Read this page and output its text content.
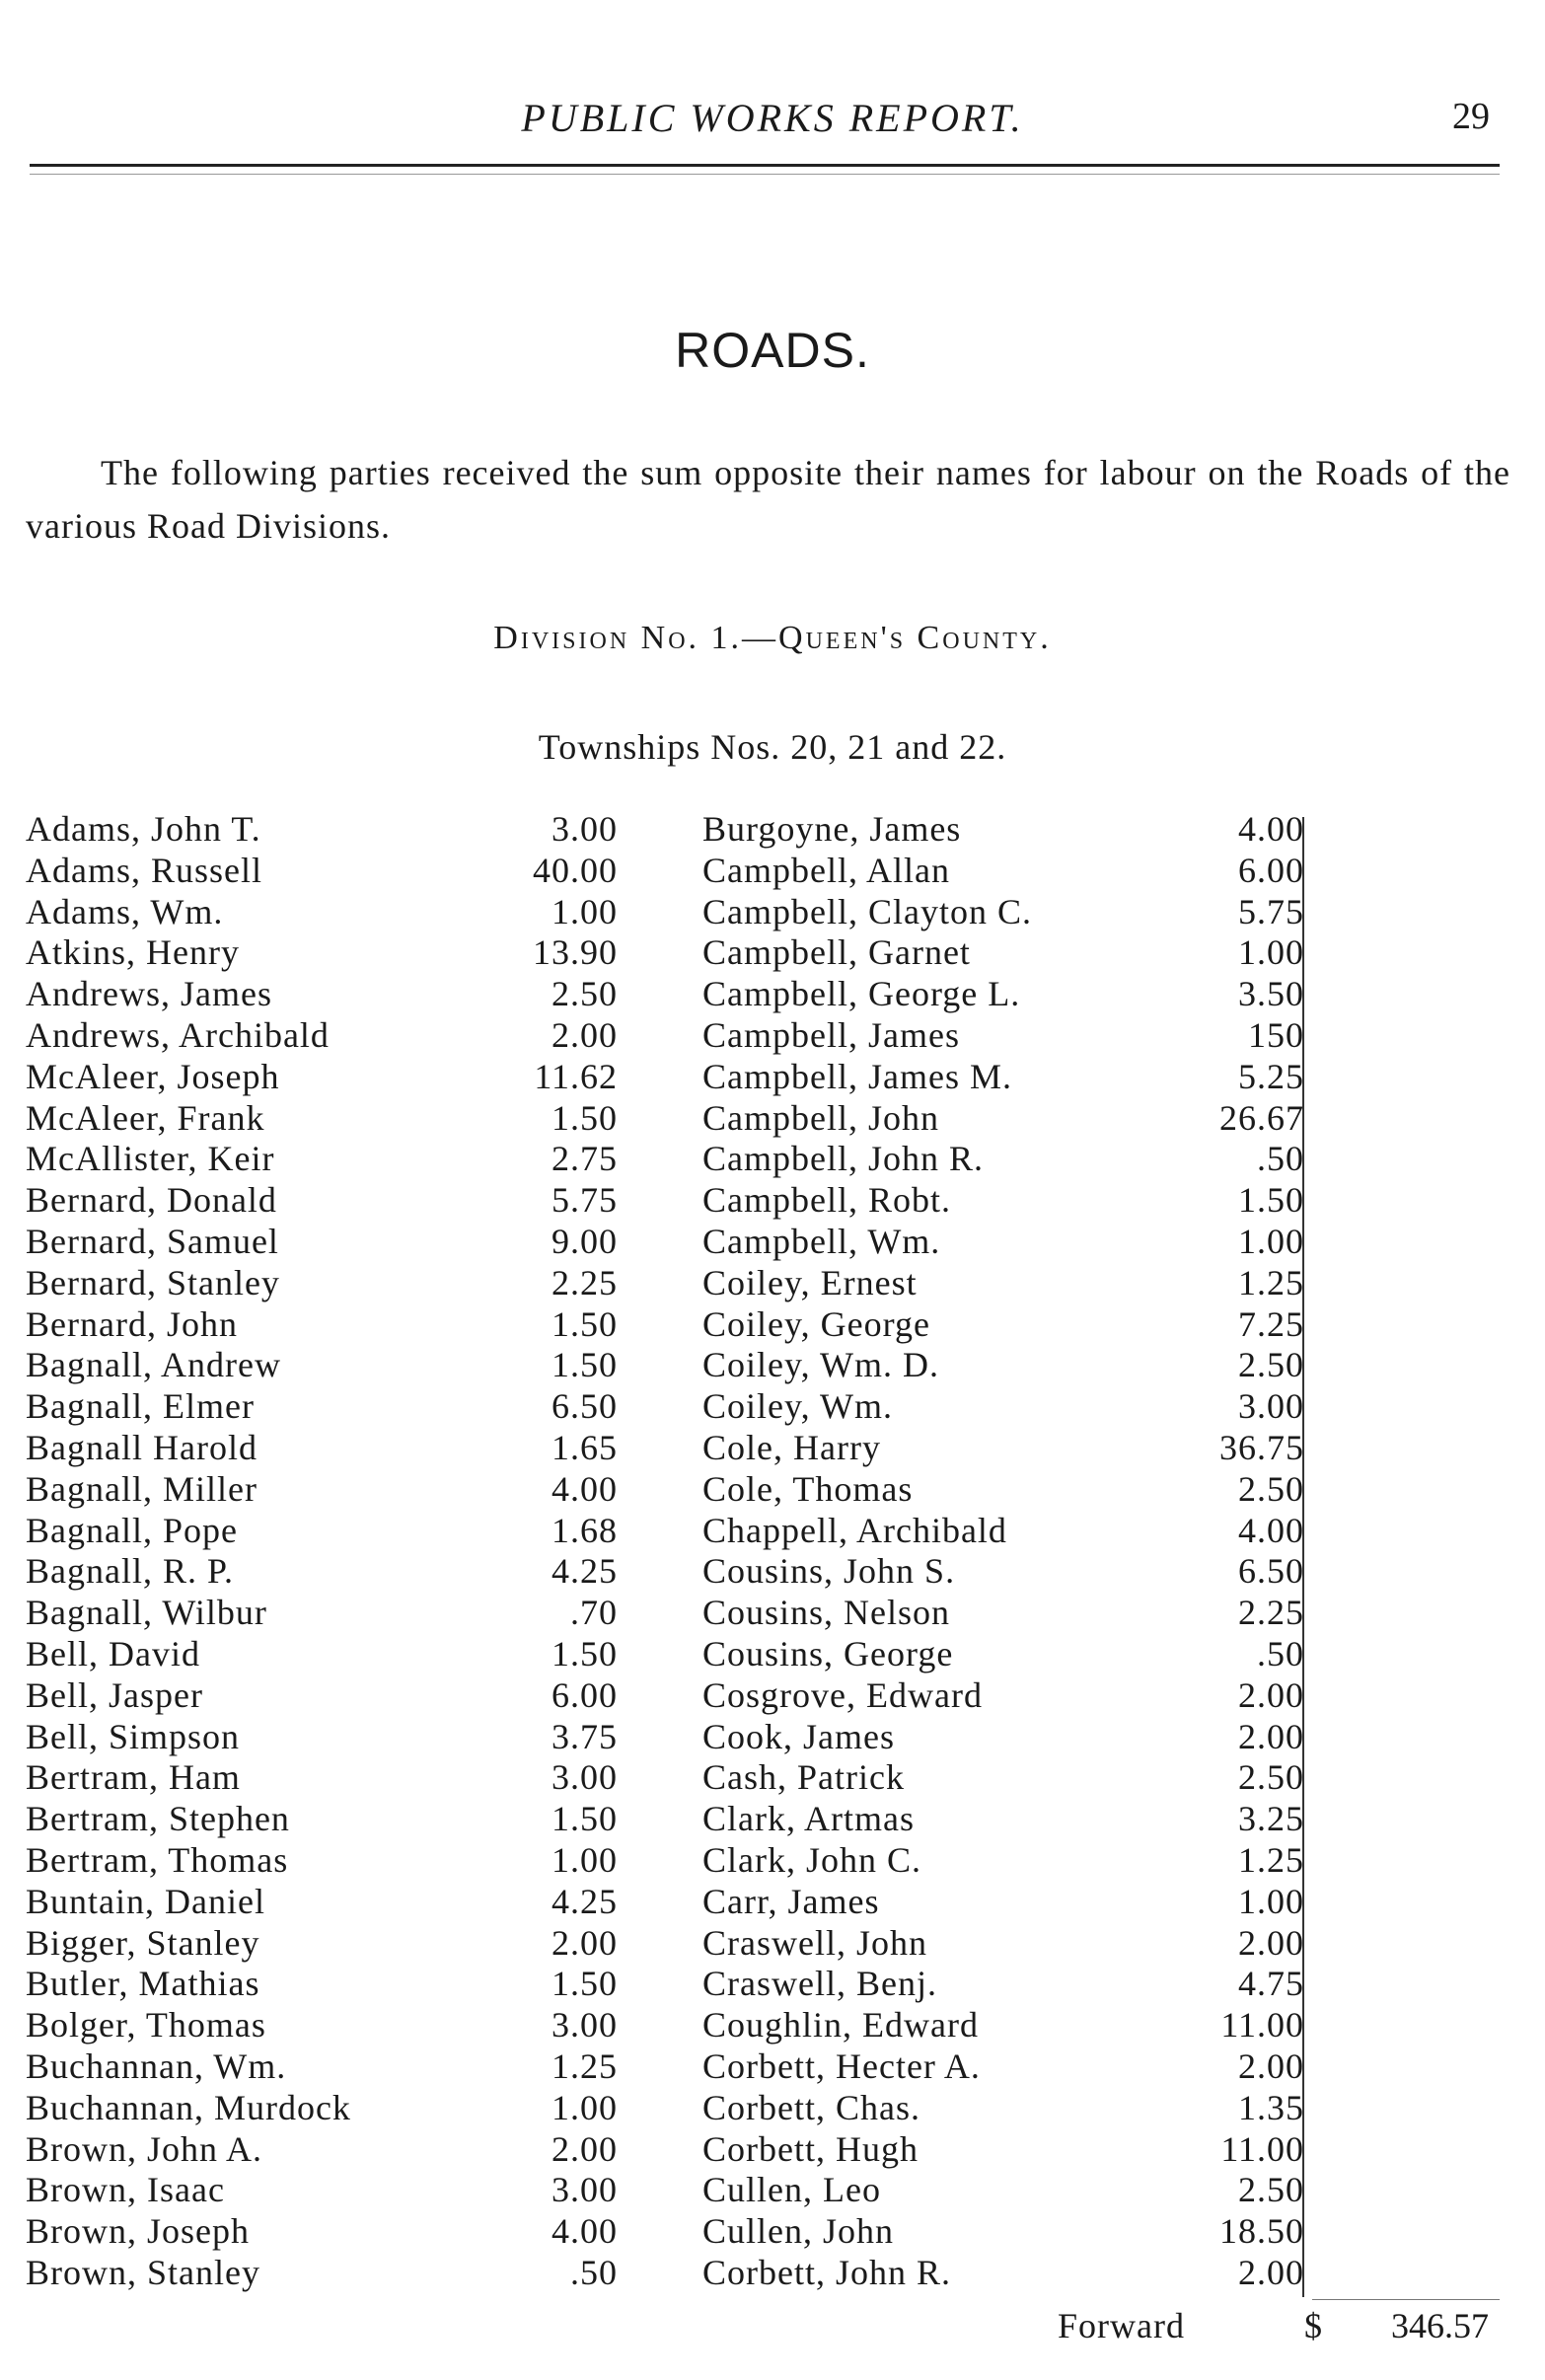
PUBLIC WORKS REPORT.	29
ROADS.

The following parties received the sum opposite their names for labour on the Roads of the various Road Divisions.

Division No. 1.—Queen's County.
Townships Nos. 20, 21 and 22.
Adams, John T.	3.00
Adams, Russell	40.00
Adams, Wm.	1.00
Atkins, Henry	13.90
Andrews, James	2.50
Andrews, Archibald	2.00
McAleer, Joseph	11.62
McAleer, Frank	1.50
McAllister, Keir	2.75
Bernard, Donald	5.75
Bernard, Samuel	9.00
Bernard, Stanley	2.25
Bernard, John	1.50
Bagnall, Andrew	1.50
Bagnall, Elmer	6.50
Bagnall Harold	1.65
Bagnall, Miller	4.00
Bagnall, Pope	1.68
Bagnall, R. P.	4.25
Bagnall, Wilbur	.70
Bell, David	1.50
Bell, Jasper	6.00
Bell, Simpson	3.75
Bertram, Ham	3.00
Bertram, Stephen	1.50
Bertram, Thomas	1.00
Buntain, Daniel	4.25
Bigger, Stanley	2.00
Butler, Mathias	1.50
Bolger, Thomas	3.00
Buchannan, Wm.	1.25
Buchannan, Murdock	1.00
Brown, John A.	2.00
Brown, Isaac	3.00
Brown, Joseph	4.00
Brown, Stanley	.50
Burgoyne, James	4.00
Campbell, Allan	6.00
Campbell, Clayton C.	5.75
Campbell, Garnet	1.00
Campbell, George L.	3.50
Campbell, James	150
Campbell, James M.	5.25
Campbell, John	26.67
Campbell, John R.	.50
Campbell, Robt.	1.50
Campbell, Wm.	1.00
Coiley, Ernest	1.25
Coiley, George	7.25
Coiley, Wm. D.	2.50
Coiley, Wm.	3.00
Cole, Harry	36.75
Cole, Thomas	2.50
Chappell, Archibald	4.00
Cousins, John S.	6.50
Cousins, Nelson	2.25
Cousins, George	.50
Cosgrove, Edward	2.00
Cook, James	2.00
Cash, Patrick	2.50
Clark, Artmas	3.25
Clark, John C.	1.25
Carr, James	1.00
Craswell, John	2.00
Craswell, Benj.	4.75
Coughlin, Edward	11.00
Corbett, Hecter A.	2.00
Corbett, Chas.	1.35
Corbett, Hugh	11.00
Cullen, Leo	2.50
Cullen, John	18.50
Corbett, John R.	2.00
Forward	$ 346.57
